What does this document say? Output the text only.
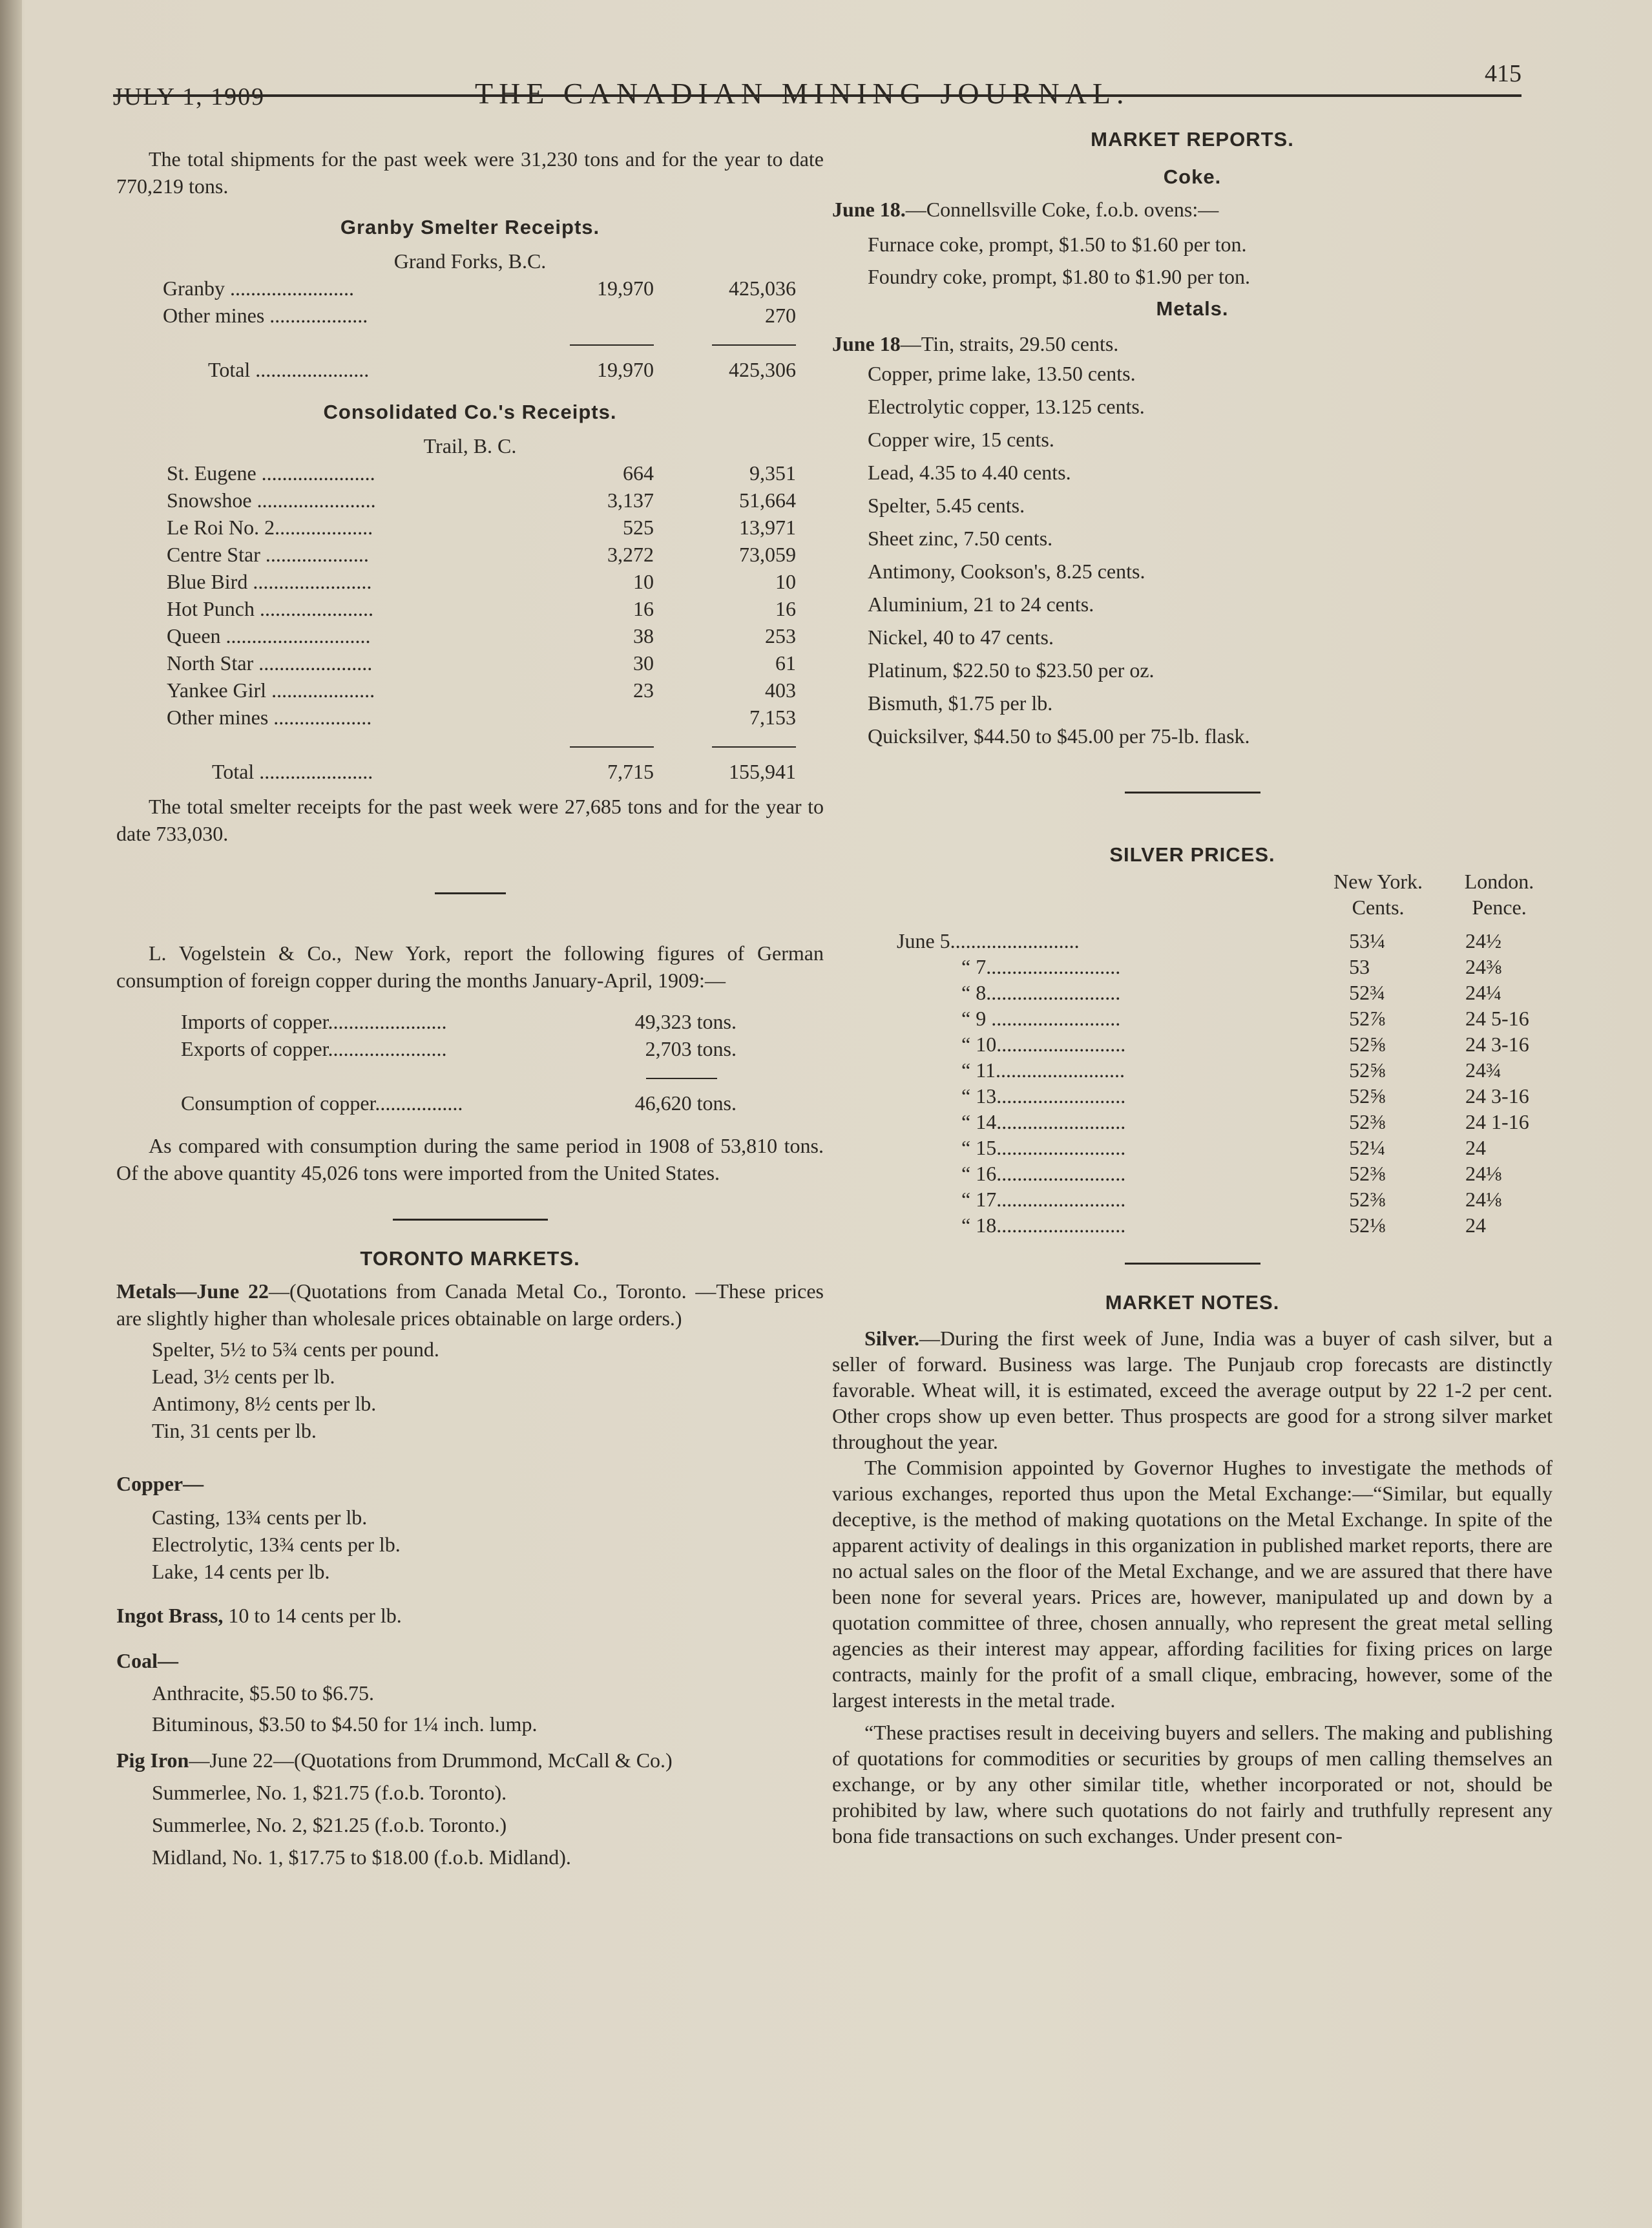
JULY 1, 1909	THE CANADIAN MINING JOURNAL.
415

The total shipments for the past week were 31,230 tons and for the year to date 770,219 tons.

Granby Smelter Receipts.
Grand Forks, B.C.
Granby ........................	19,970	425,036
Other mines ...................		270

Total ......................	19,970	425,306
Consolidated Co.'s Receipts.
Trail, B. C.
St. Eugene ......................	664	9,351
Snowshoe .......................	3,137	51,664
Le Roi No. 2...................	525	13,971
Centre Star ....................	3,272	73,059
Blue Bird .......................	10	10
Hot Punch ......................	16	16
Queen ............................	38	253
North Star ......................	30	61
Yankee Girl ....................	23	403
Other mines ...................		7,153

Total ......................	7,715	155,941

The total smelter receipts for the past week were 27,685 tons and for the year to date 733,030.

L. Vogelstein & Co., New York, report the following figures of German consumption of foreign copper during the months January-April, 1909:—

Imports of copper.......................	49,323 tons.
Exports of copper.......................	2,703 tons.

Consumption of copper.................	46,620 tons.

As compared with consumption during the same period in 1908 of 53,810 tons. Of the above quantity 45,026 tons were imported from the United States.

TORONTO MARKETS.

Metals—June 22—(Quotations from Canada Metal Co., Toronto. —These prices are slightly higher than wholesale prices obtainable on large orders.)

Spelter, 5½ to 5¾ cents per pound.
Lead, 3½ cents per lb.
Antimony, 8½ cents per lb.
Tin, 31 cents per lb.
Copper—
Casting, 13¾ cents per lb.
Electrolytic, 13¾ cents per lb.
Lake, 14 cents per lb.
Ingot Brass, 10 to 14 cents per lb.
Coal—
Anthracite, $5.50 to $6.75.
Bituminous, $3.50 to $4.50 for 1¼ inch. lump.
Pig Iron—June 22—(Quotations from Drummond, McCall & Co.)
Summerlee, No. 1, $21.75 (f.o.b. Toronto).
Summerlee, No. 2, $21.25 (f.o.b. Toronto.)
Midland, No. 1, $17.75 to $18.00 (f.o.b. Midland).
MARKET REPORTS.
Coke.
June 18.—Connellsville Coke, f.o.b. ovens:—
Furnace coke, prompt, $1.50 to $1.60 per ton.
Foundry coke, prompt, $1.80 to $1.90 per ton.
Metals.
June 18—Tin, straits, 29.50 cents.
Copper, prime lake, 13.50 cents.
Electrolytic copper, 13.125 cents.
Copper wire, 15 cents.
Lead, 4.35 to 4.40 cents.
Spelter, 5.45 cents.
Sheet zinc, 7.50 cents.
Antimony, Cookson's, 8.25 cents.
Aluminium, 21 to 24 cents.
Nickel, 40 to 47 cents.
Platinum, $22.50 to $23.50 per oz.
Bismuth, $1.75 per lb.
Quicksilver, $44.50 to $45.00 per 75-lb. flask.
SILVER PRICES.
	New York.	London.
	Cents.	Pence.

June 5.........................	53¼	24½
“ 7..........................	53	24⅜
“ 8..........................	52¾	24¼
“ 9 .........................	52⅞	24 5-16
“ 10.........................	52⅝	24 3-16
“ 11.........................	52⅝	24¾
“ 13.........................	52⅝	24 3-16
“ 14.........................	52⅜	24 1-16
“ 15.........................	52¼	24
“ 16.........................	52⅜	24⅛
“ 17.........................	52⅜	24⅛
“ 18.........................	52⅛	24
MARKET NOTES.

Silver.—During the first week of June, India was a buyer of cash silver, but a seller of forward. Business was large. The Punjaub crop forecasts are distinctly favorable. Wheat will, it is estimated, exceed the average output by 22 1-2 per cent. Other crops show up even better. Thus prospects are good for a strong silver market throughout the year.

The Commision appointed by Governor Hughes to investigate the methods of various exchanges, reported thus upon the Metal Exchange:—“Similar, but equally deceptive, is the method of making quotations on the Metal Exchange. In spite of the apparent activity of dealings in this organization in published market reports, there are no actual sales on the floor of the Metal Exchange, and we are assured that there have been none for several years. Prices are, however, manipulated up and down by a quotation committee of three, chosen annually, who represent the great metal selling agencies as their interest may appear, affording facilities for fixing prices on large contracts, mainly for the profit of a small clique, embracing, however, some of the largest interests in the metal trade.

“These practises result in deceiving buyers and sellers. The making and publishing of quotations for commodities or securities by groups of men calling themselves an exchange, or by any other similar title, whether incorporated or not, should be prohibited by law, where such quotations do not fairly and truthfully represent any bona fide transactions on such exchanges. Under present con-
